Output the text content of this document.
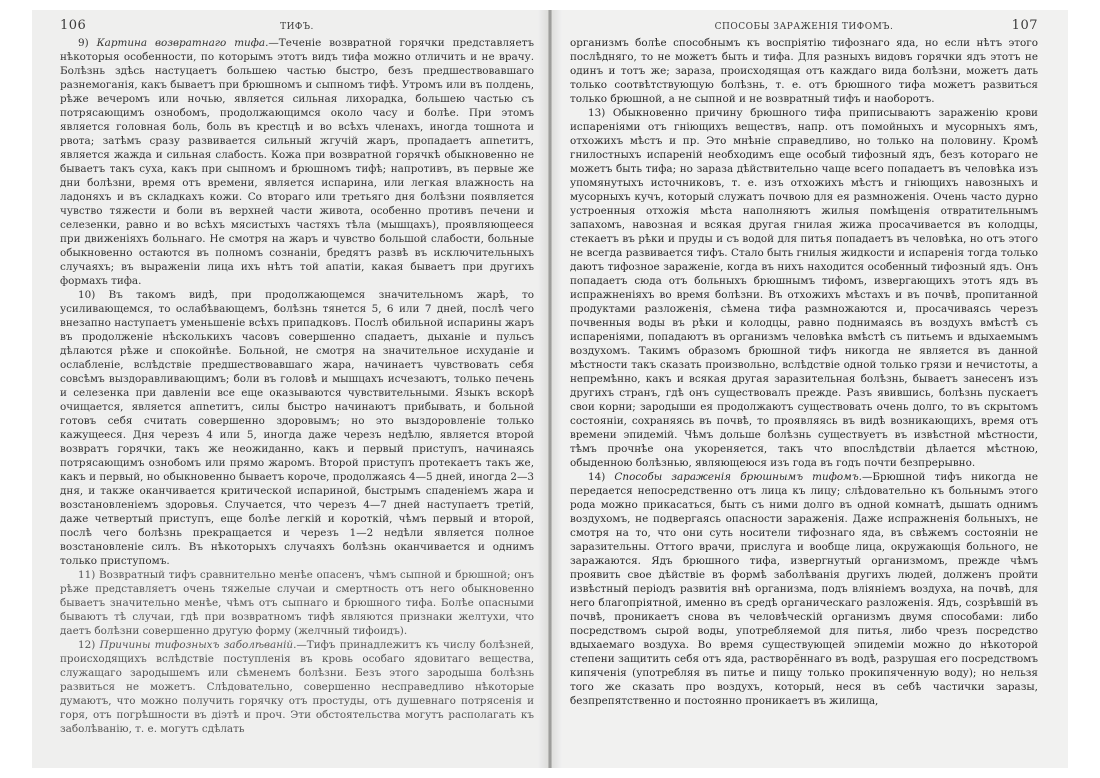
106	ТИФЪ.

9) Картина возвратнаго тифа.—Теченіе возвратной горячки представляетъ нѣкоторыя особенности, по которымъ этотъ видъ тифа можно отличить и не врачу. Болѣзнь здѣсь настуцаетъ большею частью быстро, безъ предшествовавшаго разнемоганія, какъ бываетъ при брюшномъ и сыпномъ тифѣ. Утромъ или въ полдень, рѣже вечеромъ или ночью, является сильная лихорадка, большею частью съ потрясающимъ ознобомъ, продолжающимся около часу и болѣе. При этомъ является головная боль, боль въ крестцѣ и во всѣхъ членахъ, иногда тошнота и рвота; затѣмъ сразу развивается сильный жгучій жаръ, пропадаетъ апnетитъ, является жажда и сильная слабость. Кожа при возвратной горячкѣ обыкновенно не бываетъ такъ суха, какъ при сыпномъ и брюшномъ тифѣ; напротивъ, въ первые же дни болѣзни, время отъ времени, является испарина, или легкая влажность на ладоняхъ и въ складкахъ кожи. Со втораго или третьяго дня болѣзни появляется чувство тяжести и боли въ верхней части живота, особенно противъ печени и селезенки, равно и во всѣхъ мясистыхъ частяхъ тѣла (мышцахъ), проявляющееся при движеніяхъ больнаго. Не смотря на жаръ и чувство большой слабости, больные обыкновенно остаются въ полномъ сознаніи, бредятъ развѣ въ исключительныхъ случаяхъ; въ выраженіи лица ихъ нѣтъ той апатіи, какая бываетъ при другихъ формахъ тифа.

10) Въ такомъ видѣ, при продолжающемся значительномъ жарѣ, то усиливающемся, то ослабѣвающемъ, болѣзнь тянется 5, 6 или 7 дней, послѣ чего внезапно наступаетъ уменьшеніе всѣхъ припадковъ. Послѣ обильной испарины жаръ въ продолженіе нѣсколькихъ часовъ совершенно спадаетъ, дыханіе и пульсъ дѣлаются рѣже и спокойнѣе. Больной, не смотря на значительное исхуданіе и ослабленіе, вслѣдствіе предшествовавшаго жара, начинаетъ чувствовать себя совсѣмъ выздоравливающимъ; боли въ головѣ и мышцахъ исчезаютъ, только печень и селезенка при давленіи все еще оказываются чувствительными. Языкъ вскорѣ очищается, является апnетитъ, силы быстро начинаютъ прибывать, и больной готовъ себя считать совершенно здоровымъ; но это выздоровленіе только кажущееся. Дня черезъ 4 или 5, иногда даже черезъ недѣлю, является второй возвратъ горячки, такъ же неожиданно, какъ и первый приступъ, начинаясь потрясающимъ ознобомъ или прямо жаромъ. Второй приступъ протекаетъ такъ же, какъ и первый, но обыкновенно бываетъ короче, продолжаясь 4—5 дней, иногда 2—3 дня, и также оканчивается критической испариной, быстрымъ спаденіемъ жара и возстановленіемъ здоровья. Случается, что черезъ 4—7 дней наступаетъ третій, даже четвертый приступъ, еще болѣе легкій и короткій, чѣмъ первый и второй, послѣ чего болѣзнь прекращается и черезъ 1—2 недѣли является полное возстановленіе силъ. Въ нѣкоторыхъ случаяхъ болѣзнь оканчивается и однимъ только приступомъ.

11) Возвратный тифъ сравнительно менѣе опасенъ, чѣмъ сыпной и брюшной; онъ рѣже представляетъ очень тяжелые случаи и смертность отъ него обыкновенно бываетъ значительно менѣе, чѣмъ отъ сыпнаго и брюшного тифа. Болѣе опасными бываютъ тѣ случаи, гдѣ при возвратномъ тифѣ являются признаки желтухи, что даетъ болѣзни совершенно другую форму (желчный тифоидъ).

12) Причины тифозныхъ заболѣваній.—Тифъ принадлежитъ къ числу болѣзней, происходящихъ вслѣдствіе поступленія въ кровь особаго ядовитаго вещества, служащаго зародышемъ или сѣменемъ болѣзни. Безъ этого зародыша болѣзнь развиться не можетъ. Слѣдовательно, совершенно несправедливо нѣкоторые думаютъ, что можно получить горячку отъ простуды, отъ душевнаго потрясенія и горя, отъ погрѣшности въ діэтѣ и проч. Эти обстоятельства могутъ располагать къ заболѣванію, т. е. могутъ сдѣлать

СПОСОБЫ ЗАРАЖЕНІЯ ТИФОМЪ.	107

организмъ болѣе способнымъ къ воспріятію тифознаго яда, но если нѣтъ этого послѣдняго, то не можетъ быть и тифа. Для разныхъ видовъ горячки ядъ этотъ не одинъ и тотъ же; зараза, происходящая отъ каждаго вида болѣзни, можетъ дать только соотвѣтствующую болѣзнь, т. е. отъ брюшного тифа можетъ развиться только брюшной, а не сыпной и не возвратный тифъ и наоборотъ.

13) Обыкновенно причину брюшного тифа приписываютъ зараженію крови испареніями отъ гніющихъ веществъ, напр. отъ помойныхъ и мусорныхъ ямъ, отхожихъ мѣстъ и пр. Это мнѣніе справедливо, но только на половину. Кромѣ гнилостныхъ испареній необходимъ еще особый тифозный ядъ, безъ котораго не можетъ быть тифа; но зараза дѣйствительно чаще всего попадаетъ въ человѣка изъ упомянутыхъ источниковъ, т. е. изъ отхожихъ мѣстъ и гніющихъ навозныхъ и мусорныхъ кучъ, который служатъ почвою для ея размноженія. Очень часто дурно устроенныя отхожія мѣста наполняютъ жилыя помѣщенія отвратительнымъ запахомъ, навозная и всякая другая гнилая жижа просачивается въ колодцы, стекаетъ въ рѣки и пруды и съ водой для питья попадаетъ въ человѣка, но отъ этого не всегда развивается тифъ. Стало быть гнилыя жидкости и испаренія тогда только даютъ тифозное зараженіе, когда въ нихъ находится особенный тифозный ядъ. Онъ попадаетъ сюда отъ больныхъ брюшнымъ тифомъ, извергающихъ этотъ ядъ въ испражненіяхъ во время болѣзни. Въ отхожихъ мѣстахъ и въ почвѣ, пропитанной продуктами разложенія, сѣмена тифа размножаются и, просачиваясь черезъ почвенныя воды въ рѣки и колодцы, равно поднимаясь въ воздухъ вмѣстѣ съ испареніями, попадаютъ въ организмъ человѣка вмѣстѣ съ питьемъ и вдыхаемымъ воздухомъ. Такимъ образомъ брюшной тифъ никогда не является въ данной мѣстности такъ сказать произвольно, вслѣдствіе одной только грязи и нечистоты, а непремѣнно, какъ и всякая другая заразительная болѣзнь, бываетъ занесенъ изъ другихъ странъ, гдѣ онъ существовалъ прежде. Разъ явившись, болѣзнь пускаетъ свои корни; зародыши ея продолжаютъ существовать очень долго, то въ скрытомъ состояніи, сохраняясь въ почвѣ, то проявляясь въ видѣ возникающихъ, время отъ времени эпидемій. Чѣмъ дольше болѣзнь существуетъ въ извѣстной мѣстности, тѣмъ прочнѣе она укореняется, такъ что впослѣдствіи дѣлается мѣстною, обыденною болѣзнью, являющеюся изъ года въ годъ почти безпрерывно.

14) Способы зараженія брюшнымъ тифомъ.—Брюшной тифъ никогда не передается непосредственно отъ лица къ лицу; слѣдовательно къ больнымъ этого рода можно прикасаться, быть съ ними долго въ одной комнатѣ, дышать однимъ воздухомъ, не подвергаясь опасности зараженія. Даже испражненія больныхъ, не смотря на то, что они суть носители тифознаго яда, въ свѣжемъ состояніи не заразительны. Оттого врачи, прислуга и вообще лица, окружающія больного, не заражаются. Ядъ брюшного тифа, извергнутый организмомъ, прежде чѣмъ проявить свое дѣйствіе въ формѣ заболѣванія другихъ людей, долженъ пройти извѣстный періодъ развитія внѣ организма, подъ вліяніемъ воздуха, на почвѣ, для него благопріятной, именно въ средѣ органическаго разложенія. Ядъ, созрѣвшій въ почвѣ, проникаетъ снова въ человѣческій организмъ двумя способами: либо посредствомъ сырой воды, употребляемой для питья, либо чрезъ посредство вдыхаемаго воздуха. Во время существующей эпидеміи можно до нѣкоторой степени защитить себя отъ яда, растворённаго въ водѣ, разрушая его посредствомъ кипяченія (употребляя въ питье и пищу только прокипяченную воду); но нельзя того же сказать про воздухъ, который, неся въ себѣ частички заразы, безпрепятственно и постоянно проникаетъ въ жилища,
